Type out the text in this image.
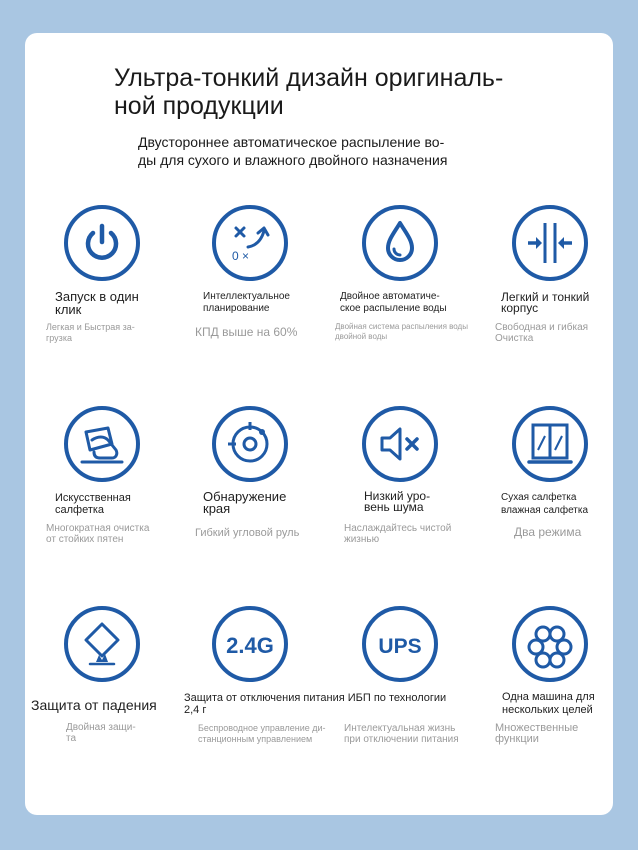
Ультра-тонкий дизайн оригиналь-
ной продукции

Двустороннее автоматическое распыление во-
ды для сухого и влажного двойного назначения

0 ×
Запуск в один
клик
Легкая и Быстрая за-
грузка
Интеллектуальное
планирование
КПД выше на 60%
Двойное автоматиче-
ское распыление воды
Двойная система распыления воды
двойной воды
Легкий и тонкий
корпус
Свободная и гибкая
Очистка
Искусственная
салфетка
Многократная очистка
от стойких пятен
Обнаружение
края
Гибкий угловой руль
Низкий уро-
вень шума
Наслаждайтесь чистой
жизнью
Сухая салфетка
влажная салфетка
Два режима
2.4G	UPS
Защита от падения
Двойная защи-
та
Защита от отключения питания ИБП по технологии
2,4 г
Беспроводное управление ди-
станционным управлением
Интелектуальная жизнь
при отключении питания
Одна машина для
нескольких целей
Множественные
функции
